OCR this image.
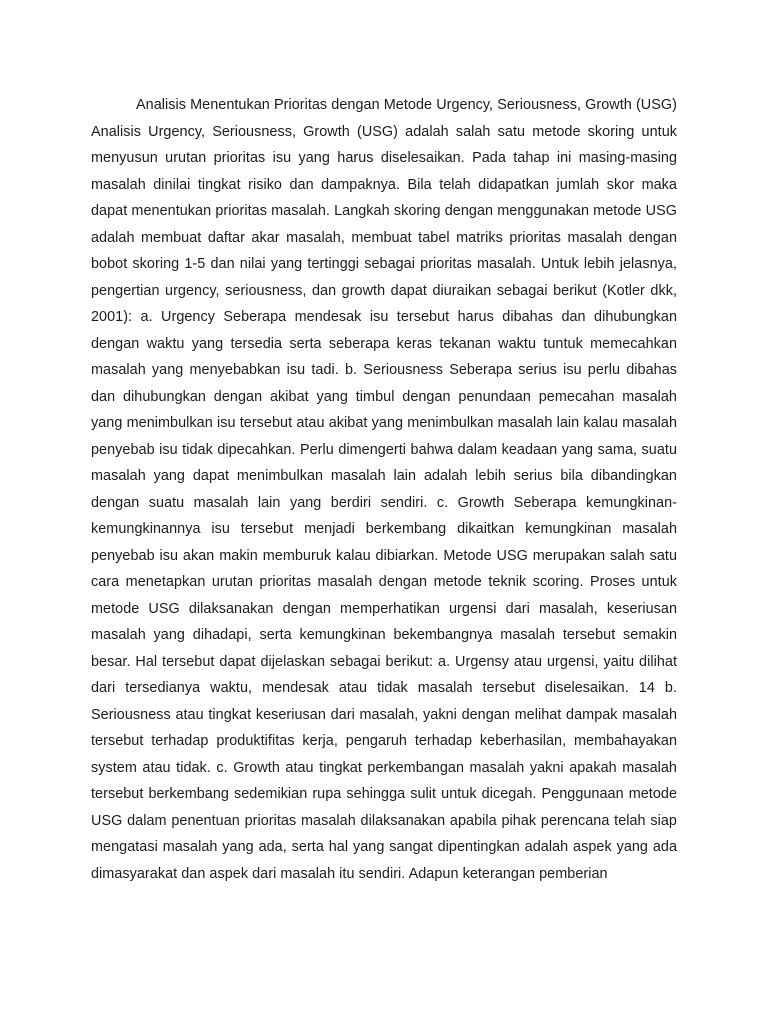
Analisis Menentukan Prioritas dengan Metode Urgency, Seriousness, Growth (USG) Analisis Urgency, Seriousness, Growth (USG) adalah salah satu metode skoring untuk menyusun urutan prioritas isu yang harus diselesaikan. Pada tahap ini masing-masing masalah dinilai tingkat risiko dan dampaknya. Bila telah didapatkan jumlah skor maka dapat menentukan prioritas masalah. Langkah skoring dengan menggunakan metode USG adalah membuat daftar akar masalah, membuat tabel matriks prioritas masalah dengan bobot skoring 1-5 dan nilai yang tertinggi sebagai prioritas masalah. Untuk lebih jelasnya, pengertian urgency, seriousness, dan growth dapat diuraikan sebagai berikut (Kotler dkk, 2001): a. Urgency Seberapa mendesak isu tersebut harus dibahas dan dihubungkan dengan waktu yang tersedia serta seberapa keras tekanan waktu tuntuk memecahkan masalah yang menyebabkan isu tadi. b. Seriousness Seberapa serius isu perlu dibahas dan dihubungkan dengan akibat yang timbul dengan penundaan pemecahan masalah yang menimbulkan isu tersebut atau akibat yang menimbulkan masalah lain kalau masalah penyebab isu tidak dipecahkan. Perlu dimengerti bahwa dalam keadaan yang sama, suatu masalah yang dapat menimbulkan masalah lain adalah lebih serius bila dibandingkan dengan suatu masalah lain yang berdiri sendiri. c. Growth Seberapa kemungkinan-kemungkinannya isu tersebut menjadi berkembang dikaitkan kemungkinan masalah penyebab isu akan makin memburuk kalau dibiarkan. Metode USG merupakan salah satu cara menetapkan urutan prioritas masalah dengan metode teknik scoring. Proses untuk metode USG dilaksanakan dengan memperhatikan urgensi dari masalah, keseriusan masalah yang dihadapi, serta kemungkinan bekembangnya masalah tersebut semakin besar. Hal tersebut dapat dijelaskan sebagai berikut: a. Urgensy atau urgensi, yaitu dilihat dari tersedianya waktu, mendesak atau tidak masalah tersebut diselesaikan. 14 b. Seriousness atau tingkat keseriusan dari masalah, yakni dengan melihat dampak masalah tersebut terhadap produktifitas kerja, pengaruh terhadap keberhasilan, membahayakan system atau tidak. c. Growth atau tingkat perkembangan masalah yakni apakah masalah tersebut berkembang sedemikian rupa sehingga sulit untuk dicegah. Penggunaan metode USG dalam penentuan prioritas masalah dilaksanakan apabila pihak perencana telah siap mengatasi masalah yang ada, serta hal yang sangat dipentingkan adalah aspek yang ada dimasyarakat dan aspek dari masalah itu sendiri. Adapun keterangan pemberian
